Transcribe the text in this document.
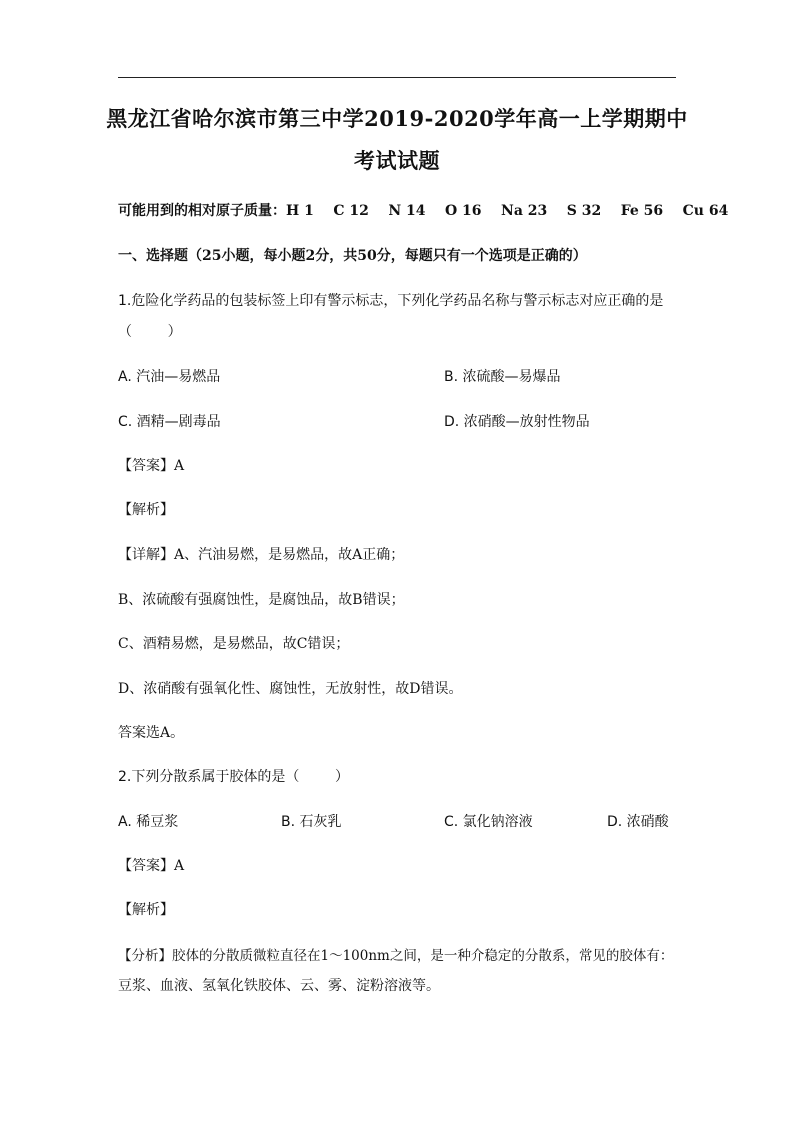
黑龙江省哈尔滨市第三中学2019-2020学年高一上学期期中
考试试题
可能用到的相对原子质量：H 1    C 12    N 14    O 16    Na 23    S 32    Fe 56    Cu 64
一、选择题（25小题，每小题2分，共50分，每题只有一个选项是正确的）
1.危险化学药品的包装标签上印有警示标志，下列化学药品名称与警示标志对应正确的是
（        ）
A. 汽油—易燃品	B. 浓硫酸—易爆品
C. 酒精—剧毒品	D. 浓硝酸—放射性物品
【答案】A
【解析】
【详解】A、汽油易燃，是易燃品，故A正确；
B、浓硫酸有强腐蚀性，是腐蚀品，故B错误；
C、酒精易燃，是易燃品，故C错误；
D、浓硝酸有强氧化性、腐蚀性，无放射性，故D错误。
答案选A。
2.下列分散系属于胶体的是（        ）
A. 稀豆浆	B. 石灰乳	C. 氯化钠溶液	D. 浓硝酸
【答案】A
【解析】
【分析】胶体的分散质微粒直径在1～100nm之间，是一种介稳定的分散系，常见的胶体有：
豆浆、血液、氢氧化铁胶体、云、雾、淀粉溶液等。
